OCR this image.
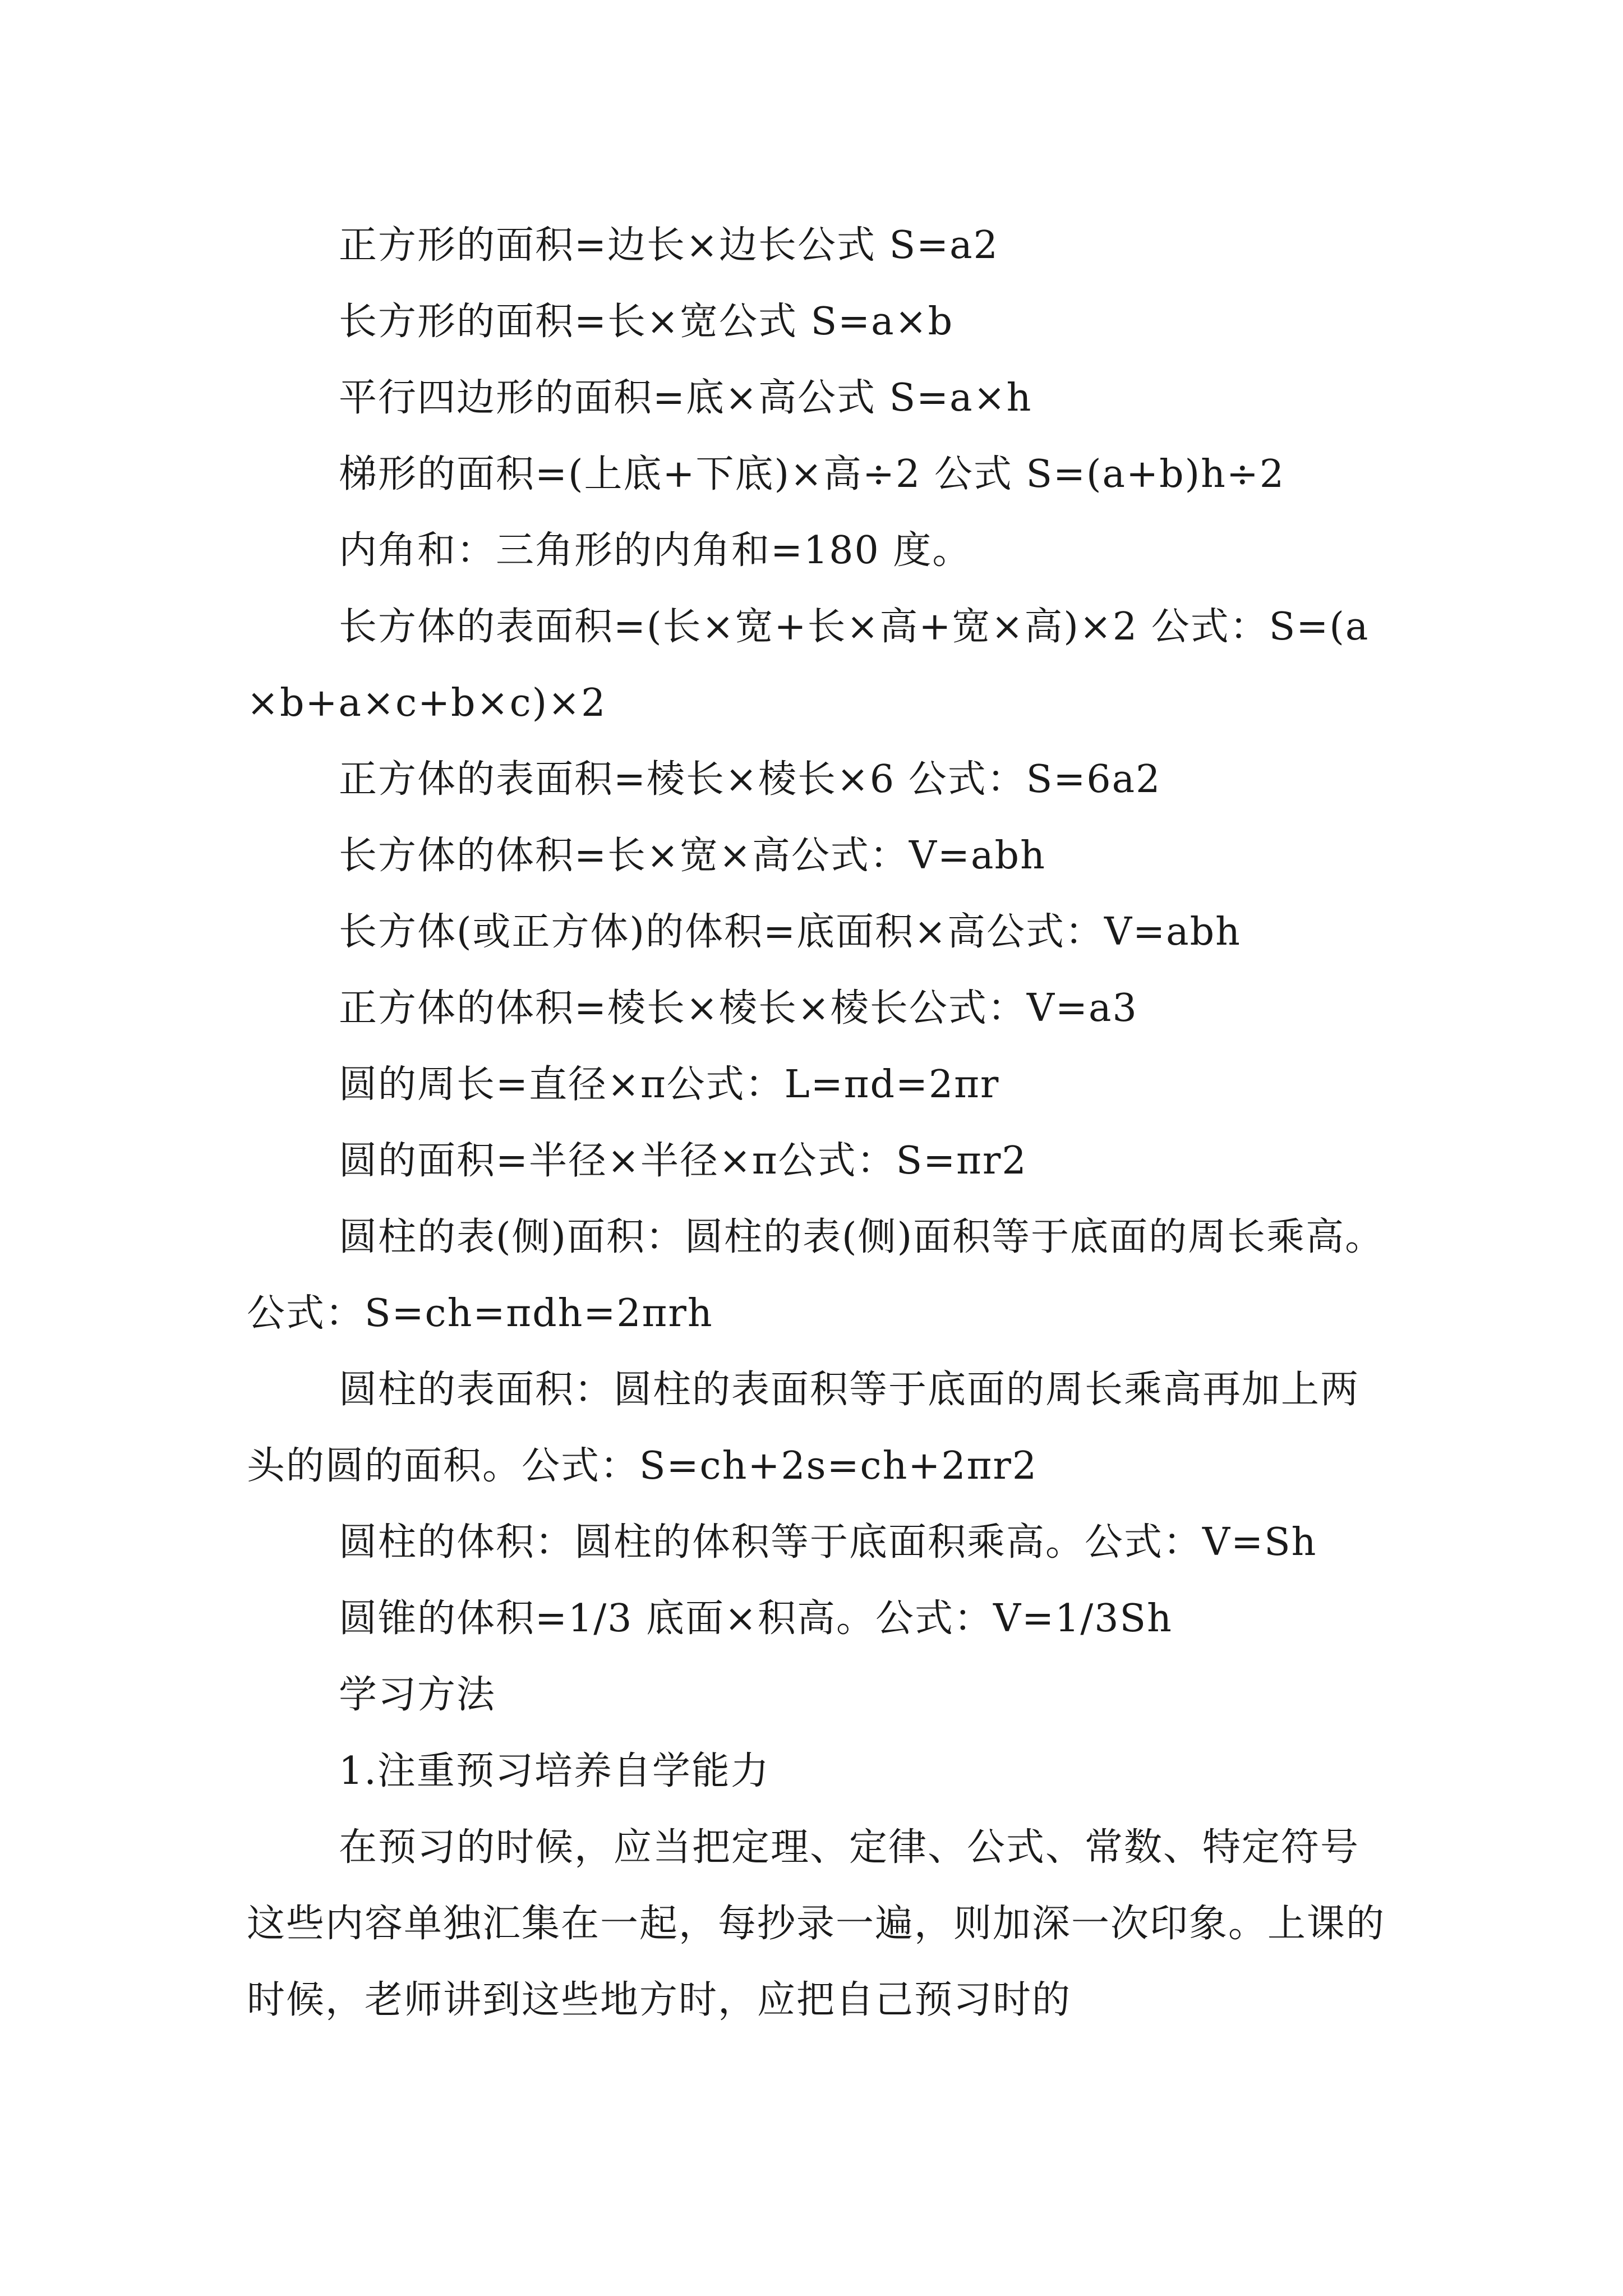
正方形的面积=边长×边长公式 S=a2

长方形的面积=长×宽公式 S=a×b

平行四边形的面积=底×高公式 S=a×h

梯形的面积=(上底+下底)×高÷2 公式 S=(a+b)h÷2

内角和：三角形的内角和=180 度。

长方体的表面积=(长×宽+长×高+宽×高)×2 公式：S=(a×b+a×c+b×c)×2

正方体的表面积=棱长×棱长×6 公式：S=6a2

长方体的体积=长×宽×高公式：V=abh

长方体(或正方体)的体积=底面积×高公式：V=abh

正方体的体积=棱长×棱长×棱长公式：V=a3

圆的周长=直径×π公式：L=πd=2πr

圆的面积=半径×半径×π公式：S=πr2

圆柱的表(侧)面积：圆柱的表(侧)面积等于底面的周长乘高。公式：S=ch=πdh=2πrh

圆柱的表面积：圆柱的表面积等于底面的周长乘高再加上两头的圆的面积。公式：S=ch+2s=ch+2πr2

圆柱的体积：圆柱的体积等于底面积乘高。公式：V=Sh

圆锥的体积=1/3 底面×积高。公式：V=1/3Sh

学习方法

1.注重预习培养自学能力

在预习的时候，应当把定理、定律、公式、常数、特定符号这些内容单独汇集在一起，每抄录一遍，则加深一次印象。上课的时候，老师讲到这些地方时，应把自己预习时的
